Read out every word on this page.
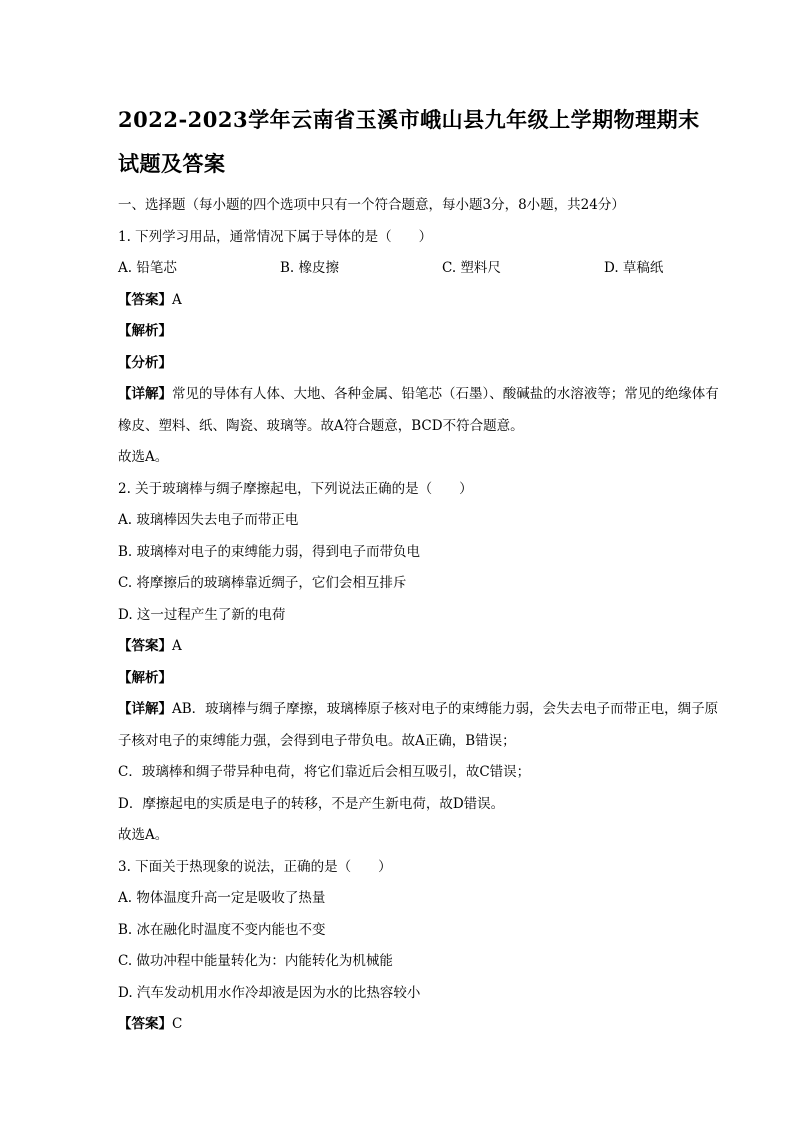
2022-2023学年云南省玉溪市峨山县九年级上学期物理期末
试题及答案
一、选择题（每小题的四个选项中只有一个符合题意，每小题3分，8小题，共24分）
1. 下列学习用品，通常情况下属于导体的是（　　）
A. 铅笔芯	B. 橡皮擦	C. 塑料尺	D. 草稿纸
【答案】A
【解析】
【分析】
【详解】常见的导体有人体、大地、各种金属、铅笔芯（石墨）、酸碱盐的水溶液等；常见的绝缘体有橡皮、塑料、纸、陶瓷、玻璃等。故A符合题意，BCD不符合题意。
故选A。
2. 关于玻璃棒与绸子摩擦起电，下列说法正确的是（　　）
A. 玻璃棒因失去电子而带正电
B. 玻璃棒对电子的束缚能力弱，得到电子而带负电
C. 将摩擦后的玻璃棒靠近绸子，它们会相互排斥
D. 这一过程产生了新的电荷
【答案】A
【解析】
【详解】AB．玻璃棒与绸子摩擦，玻璃棒原子核对电子的束缚能力弱，会失去电子而带正电，绸子原子核对电子的束缚能力强，会得到电子带负电。故A正确，B错误；
C．玻璃棒和绸子带异种电荷，将它们靠近后会相互吸引，故C错误；
D．摩擦起电的实质是电子的转移，不是产生新电荷，故D错误。
故选A。
3. 下面关于热现象的说法，正确的是（　　）
A. 物体温度升高一定是吸收了热量
B. 冰在融化时温度不变内能也不变
C. 做功冲程中能量转化为：内能转化为机械能
D. 汽车发动机用水作冷却液是因为水的比热容较小
【答案】C
